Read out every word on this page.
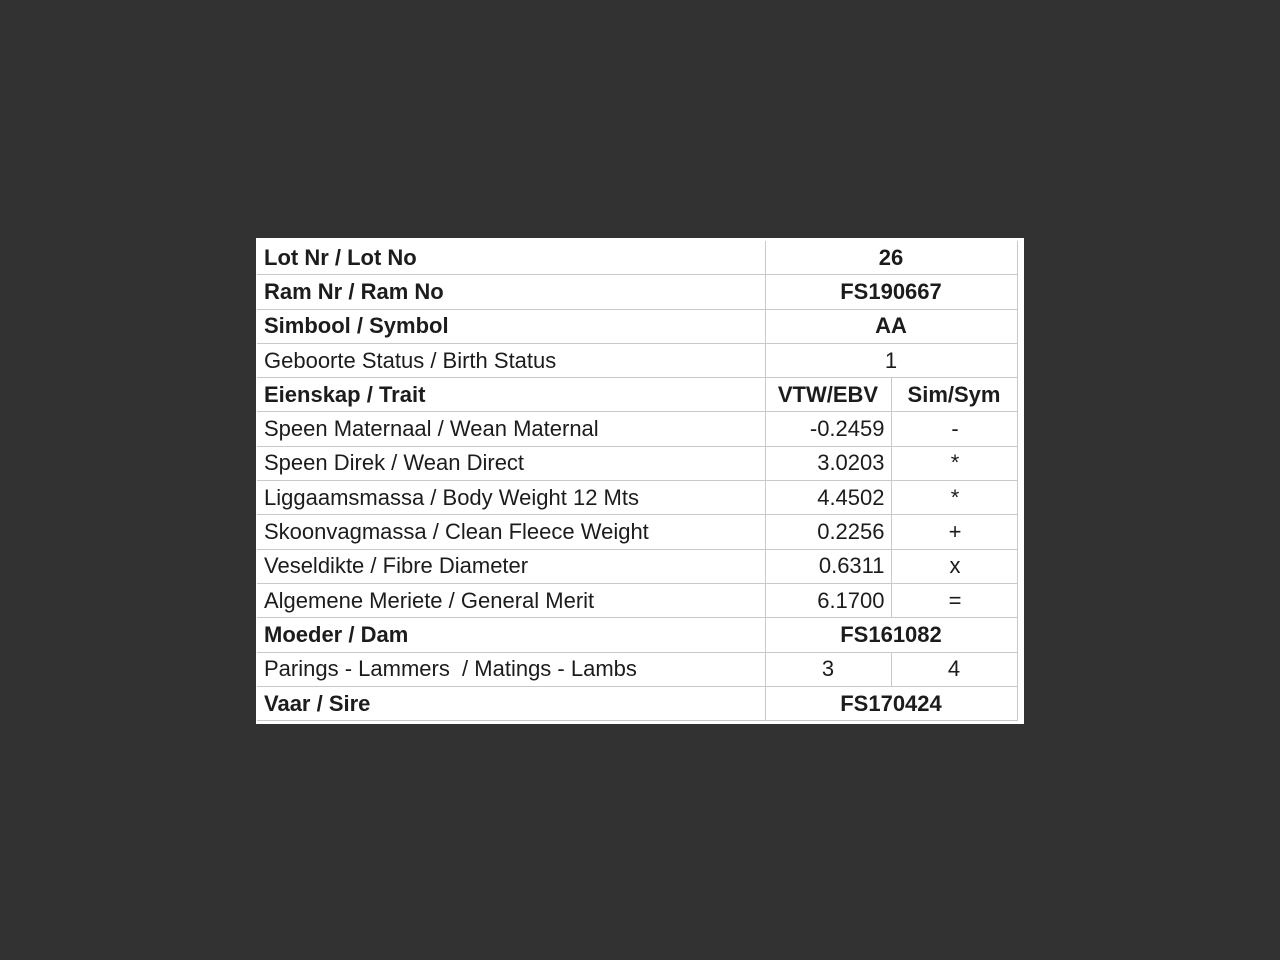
Lot Nr / Lot No	26	
Ram Nr / Ram No	FS190667	
Simbool / Symbol	AA	
Geboorte Status / Birth Status	1	
Eienskap / Trait	VTW/EBV	Sim/Sym
Speen Maternaal / Wean Maternal	-0.2459	-
Speen Direk / Wean Direct	3.0203	*
Liggaamsmassa / Body Weight 12 Mts	4.4502	*
Skoonvagmassa / Clean Fleece Weight	0.2256	+
Veseldikte / Fibre Diameter	0.6311	x
Algemene Meriete / General Merit	6.1700	=
Moeder / Dam	FS161082	
Parings - Lammers  / Matings - Lambs	3	4
Vaar / Sire	FS170424	
